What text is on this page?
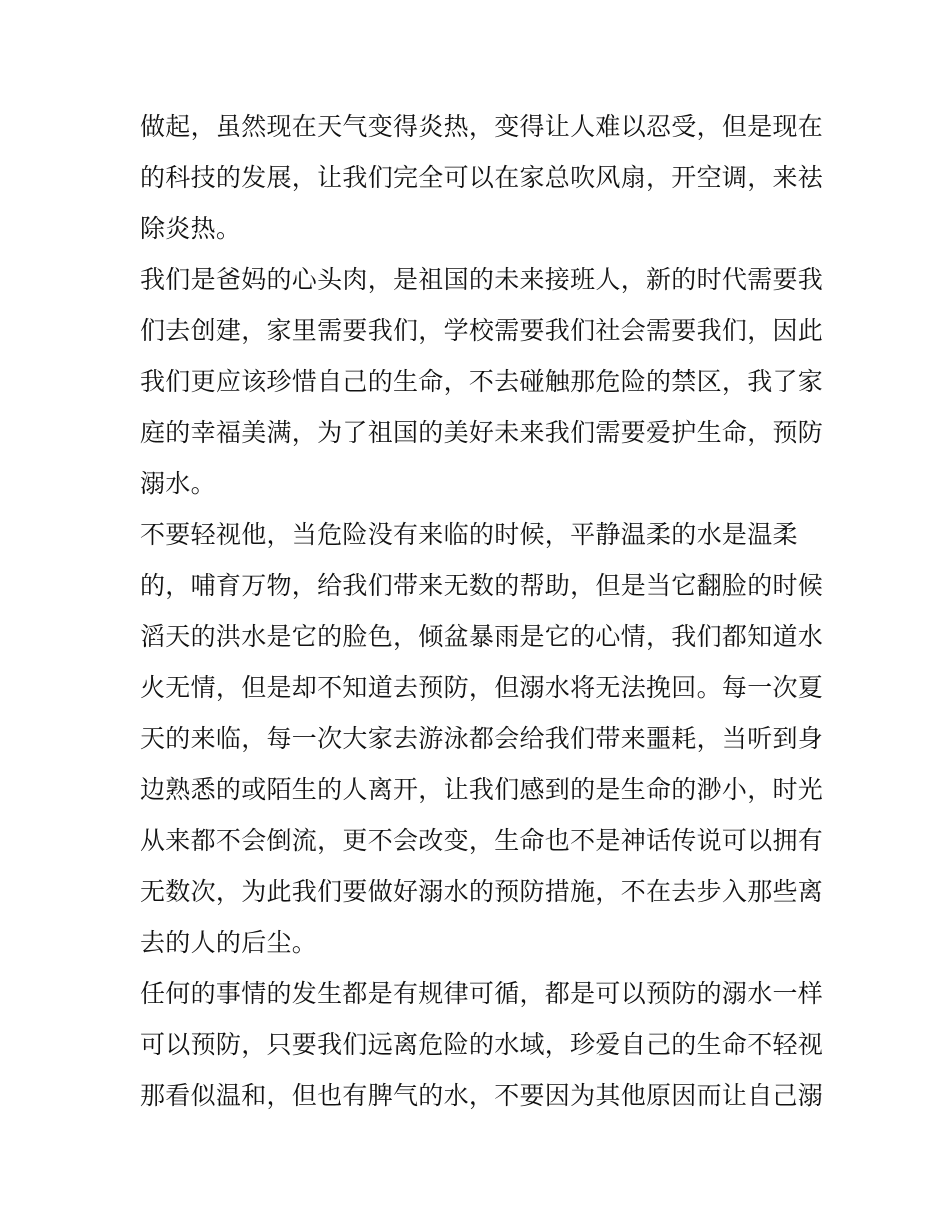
做起，虽然现在天气变得炎热，变得让人难以忍受，但是现在
的科技的发展，让我们完全可以在家总吹风扇，开空调，来祛
除炎热。
我们是爸妈的心头肉，是祖国的未来接班人，新的时代需要我
们去创建，家里需要我们，学校需要我们社会需要我们，因此
我们更应该珍惜自己的生命，不去碰触那危险的禁区，我了家
庭的幸福美满，为了祖国的美好未来我们需要爱护生命，预防
溺水。
不要轻视他，当危险没有来临的时候，平静温柔的水是温柔
的，哺育万物，给我们带来无数的帮助，但是当它翻脸的时候
滔天的洪水是它的脸色，倾盆暴雨是它的心情，我们都知道水
火无情，但是却不知道去预防，但溺水将无法挽回。每一次夏
天的来临，每一次大家去游泳都会给我们带来噩耗，当听到身
边熟悉的或陌生的人离开，让我们感到的是生命的渺小，时光
从来都不会倒流，更不会改变，生命也不是神话传说可以拥有
无数次，为此我们要做好溺水的预防措施，不在去步入那些离
去的人的后尘。
任何的事情的发生都是有规律可循，都是可以预防的溺水一样
可以预防，只要我们远离危险的水域，珍爱自己的生命不轻视
那看似温和，但也有脾气的水，不要因为其他原因而让自己溺
